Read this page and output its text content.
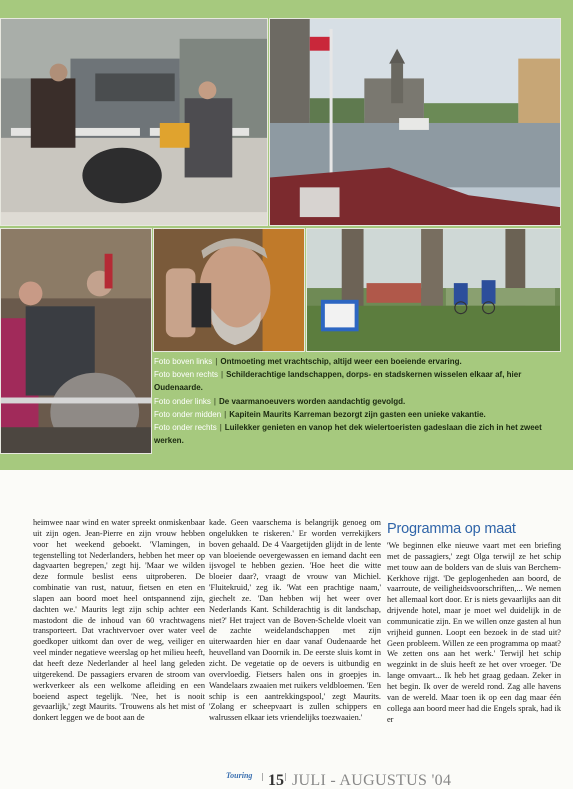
Foto boven links | Ontmoeting met vrachtschip, altijd weer een boeiende ervaring.
Foto boven rechts | Schilderachtige landschappen, dorps- en stadskernen wisselen elkaar af, hier Oudenaarde.
Foto onder links | De vaarmanoeuvers worden aandachtig gevolgd.
Foto onder midden | Kapitein Maurits Karreman bezorgt zijn gasten een unieke vakantie.
Foto onder rechts | Luilekker genieten en vanop het dek wielertoeristen gadeslaan die zich in het zweet werken.

heimwee naar wind en water spreekt onmiskenbaar uit zijn ogen. Jean-Pierre en zijn vrouw hebben voor het weekend geboekt. 'Vlamingen, in tegenstelling tot Nederlanders, hebben het meer op dagvaarten begrepen,' zegt hij. 'Maar we wilden deze formule beslist eens uitproberen. De combinatie van rust, natuur, fietsen en eten en slapen aan boord moet heel ontspannend zijn, dachten we.' Maurits legt zijn schip achter een mastodont die de inhoud van 60 vrachtwagens transporteert. Dat vrachtvervoer over water veel goedkoper uitkomt dan over de weg, veiliger en veel minder negatieve weerslag op het milieu heeft, dat heeft deze Nederlander al heel lang geleden uitgerekend. De passagiers ervaren de stroom van werkverkeer als een welkome afleiding en een boeiend aspect tegelijk. 'Nee, het is nooit gevaarlijk,' zegt Maurits. 'Trouwens als het mist of donkert leggen we de boot aan de

kade. Geen vaarschema is belangrijk genoeg om ongelukken te riskeren.' Er worden verrekijkers boven gehaald. De 4 Vaargetijden glijdt in de lente van bloeiende oevergewassen en iemand dacht een ijsvogel te hebben gezien. 'Hoe heet die witte bloeier daar?, vraagt de vrouw van Michiel. 'Fluitekruid,' zeg ik. 'Wat een prachtige naam,' giechelt ze. 'Dan hebben wij het weer over Nederlands Kant. Schilderachtig is dit landschap, niet?' Het traject van de Boven-Schelde vloeit van de zachte weidelandschappen met zijn uiterwaarden hier en daar vanaf Oudenaarde het heuvelland van Doornik in. De eerste sluis komt in zicht. De vegetatie op de oevers is uitbundig en overvloedig. Fietsers halen ons in groepjes in. Wandelaars zwaaien met ruikers veldbloemen. 'Een schip is een aantrekkingspool,' zegt Maurits. 'Zolang er scheepvaart is zullen schippers en walrussen elkaar iets vriendelijks toezwaaien.'

Programma op maat

'We beginnen elke nieuwe vaart met een briefing met de passagiers,' zegt Olga terwijl ze het schip met touw aan de bolders van de sluis van Berchem-Kerkhove rijgt. 'De geplogenheden aan boord, de vaarroute, de veiligheidsvoorschriften,... We nemen het allemaal kort door. Er is niets gevaarlijks aan dit drijvende hotel, maar je moet wel duidelijk in de communicatie zijn. En we willen onze gasten al hun vrijheid gunnen. Loopt een bezoek in de stad uit? Geen probleem. Willen ze een programma op maat? We zetten ons aan het werk.' Terwijl het schip wegzinkt in de sluis heeft ze het over vroeger. 'De lange omvaart... Ik heb het graag gedaan. Zeker in het begin. Ik over de wereld rond. Zag alle havens van de wereld. Maar toen ik op een dag maar één collega aan boord meer had die Engels sprak, had ik er

Touring 15 JULI - AUGUSTUS '04
